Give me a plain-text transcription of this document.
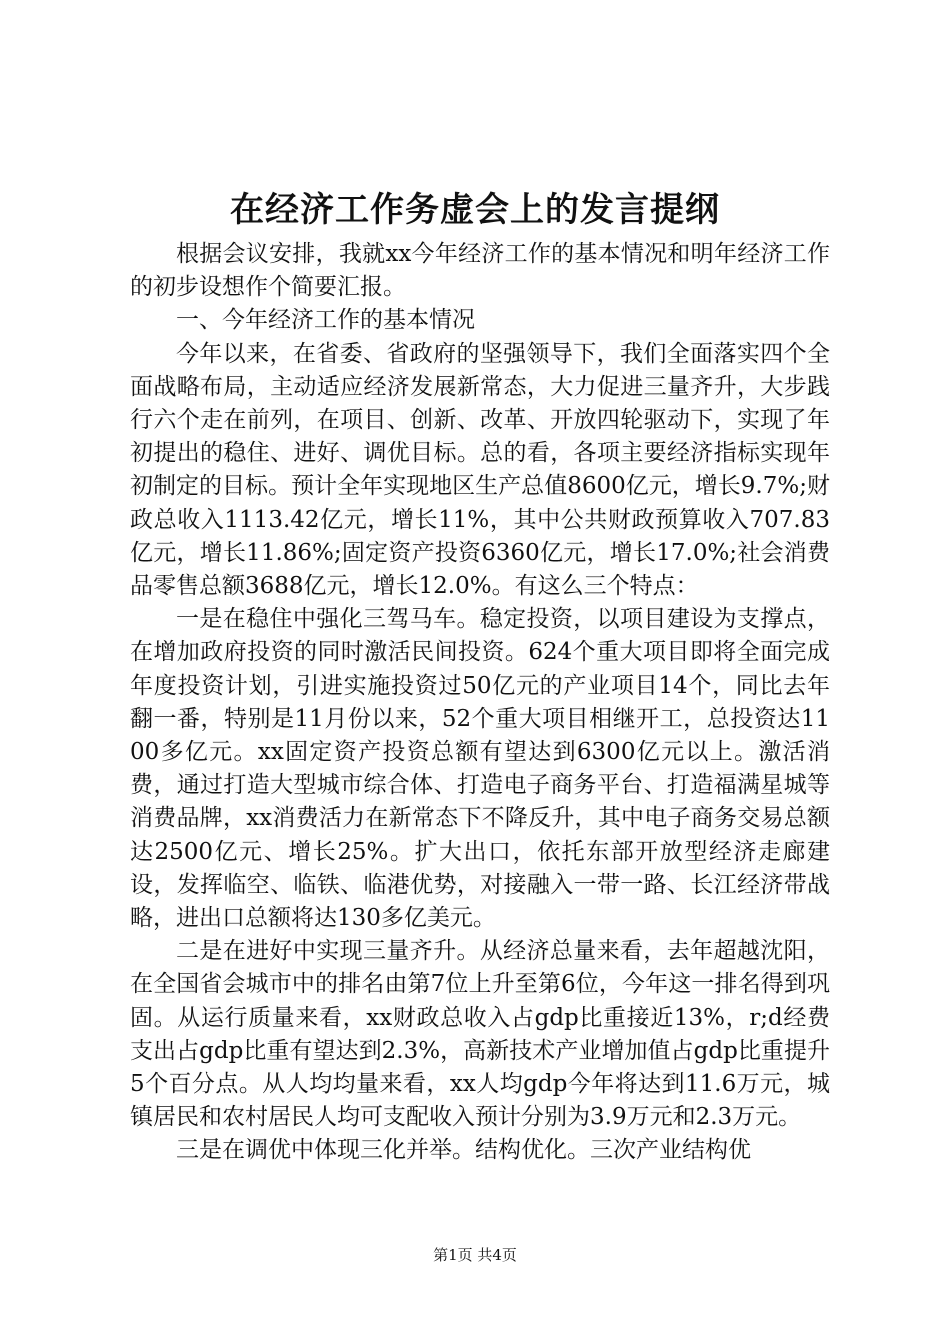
在经济工作务虚会上的发言提纲

根据会议安排，我就xx今年经济工作的基本情况和明年经济工作的初步设想作个简要汇报。

一、今年经济工作的基本情况

今年以来，在省委、省政府的坚强领导下，我们全面落实四个全面战略布局，主动适应经济发展新常态，大力促进三量齐升，大步践行六个走在前列，在项目、创新、改革、开放四轮驱动下，实现了年初提出的稳住、进好、调优目标。总的看，各项主要经济指标实现年初制定的目标。预计全年实现地区生产总值8600亿元，增长9.7%;财政总收入1113.42亿元，增长11%，其中公共财政预算收入707.83亿元，增长11.86%;固定资产投资6360亿元，增长17.0%;社会消费品零售总额3688亿元，增长12.0%。有这么三个特点：

一是在稳住中强化三驾马车。稳定投资，以项目建设为支撑点，在增加政府投资的同时激活民间投资。624个重大项目即将全面完成年度投资计划，引进实施投资过50亿元的产业项目14个，同比去年翻一番，特别是11月份以来，52个重大项目相继开工，总投资达1100多亿元。xx固定资产投资总额有望达到6300亿元以上。激活消费，通过打造大型城市综合体、打造电子商务平台、打造福满星城等消费品牌，xx消费活力在新常态下不降反升，其中电子商务交易总额达2500亿元、增长25%。扩大出口，依托东部开放型经济走廊建设，发挥临空、临铁、临港优势，对接融入一带一路、长江经济带战略，进出口总额将达130多亿美元。

二是在进好中实现三量齐升。从经济总量来看，去年超越沈阳，在全国省会城市中的排名由第7位上升至第6位，今年这一排名得到巩固。从运行质量来看，xx财政总收入占gdp比重接近13%，r;d经费支出占gdp比重有望达到2.3%，高新技术产业增加值占gdp比重提升5个百分点。从人均均量来看，xx人均gdp今年将达到11.6万元，城镇居民和农村居民人均可支配收入预计分别为3.9万元和2.3万元。

三是在调优中体现三化并举。结构优化。三次产业结构优

第1页 共4页
